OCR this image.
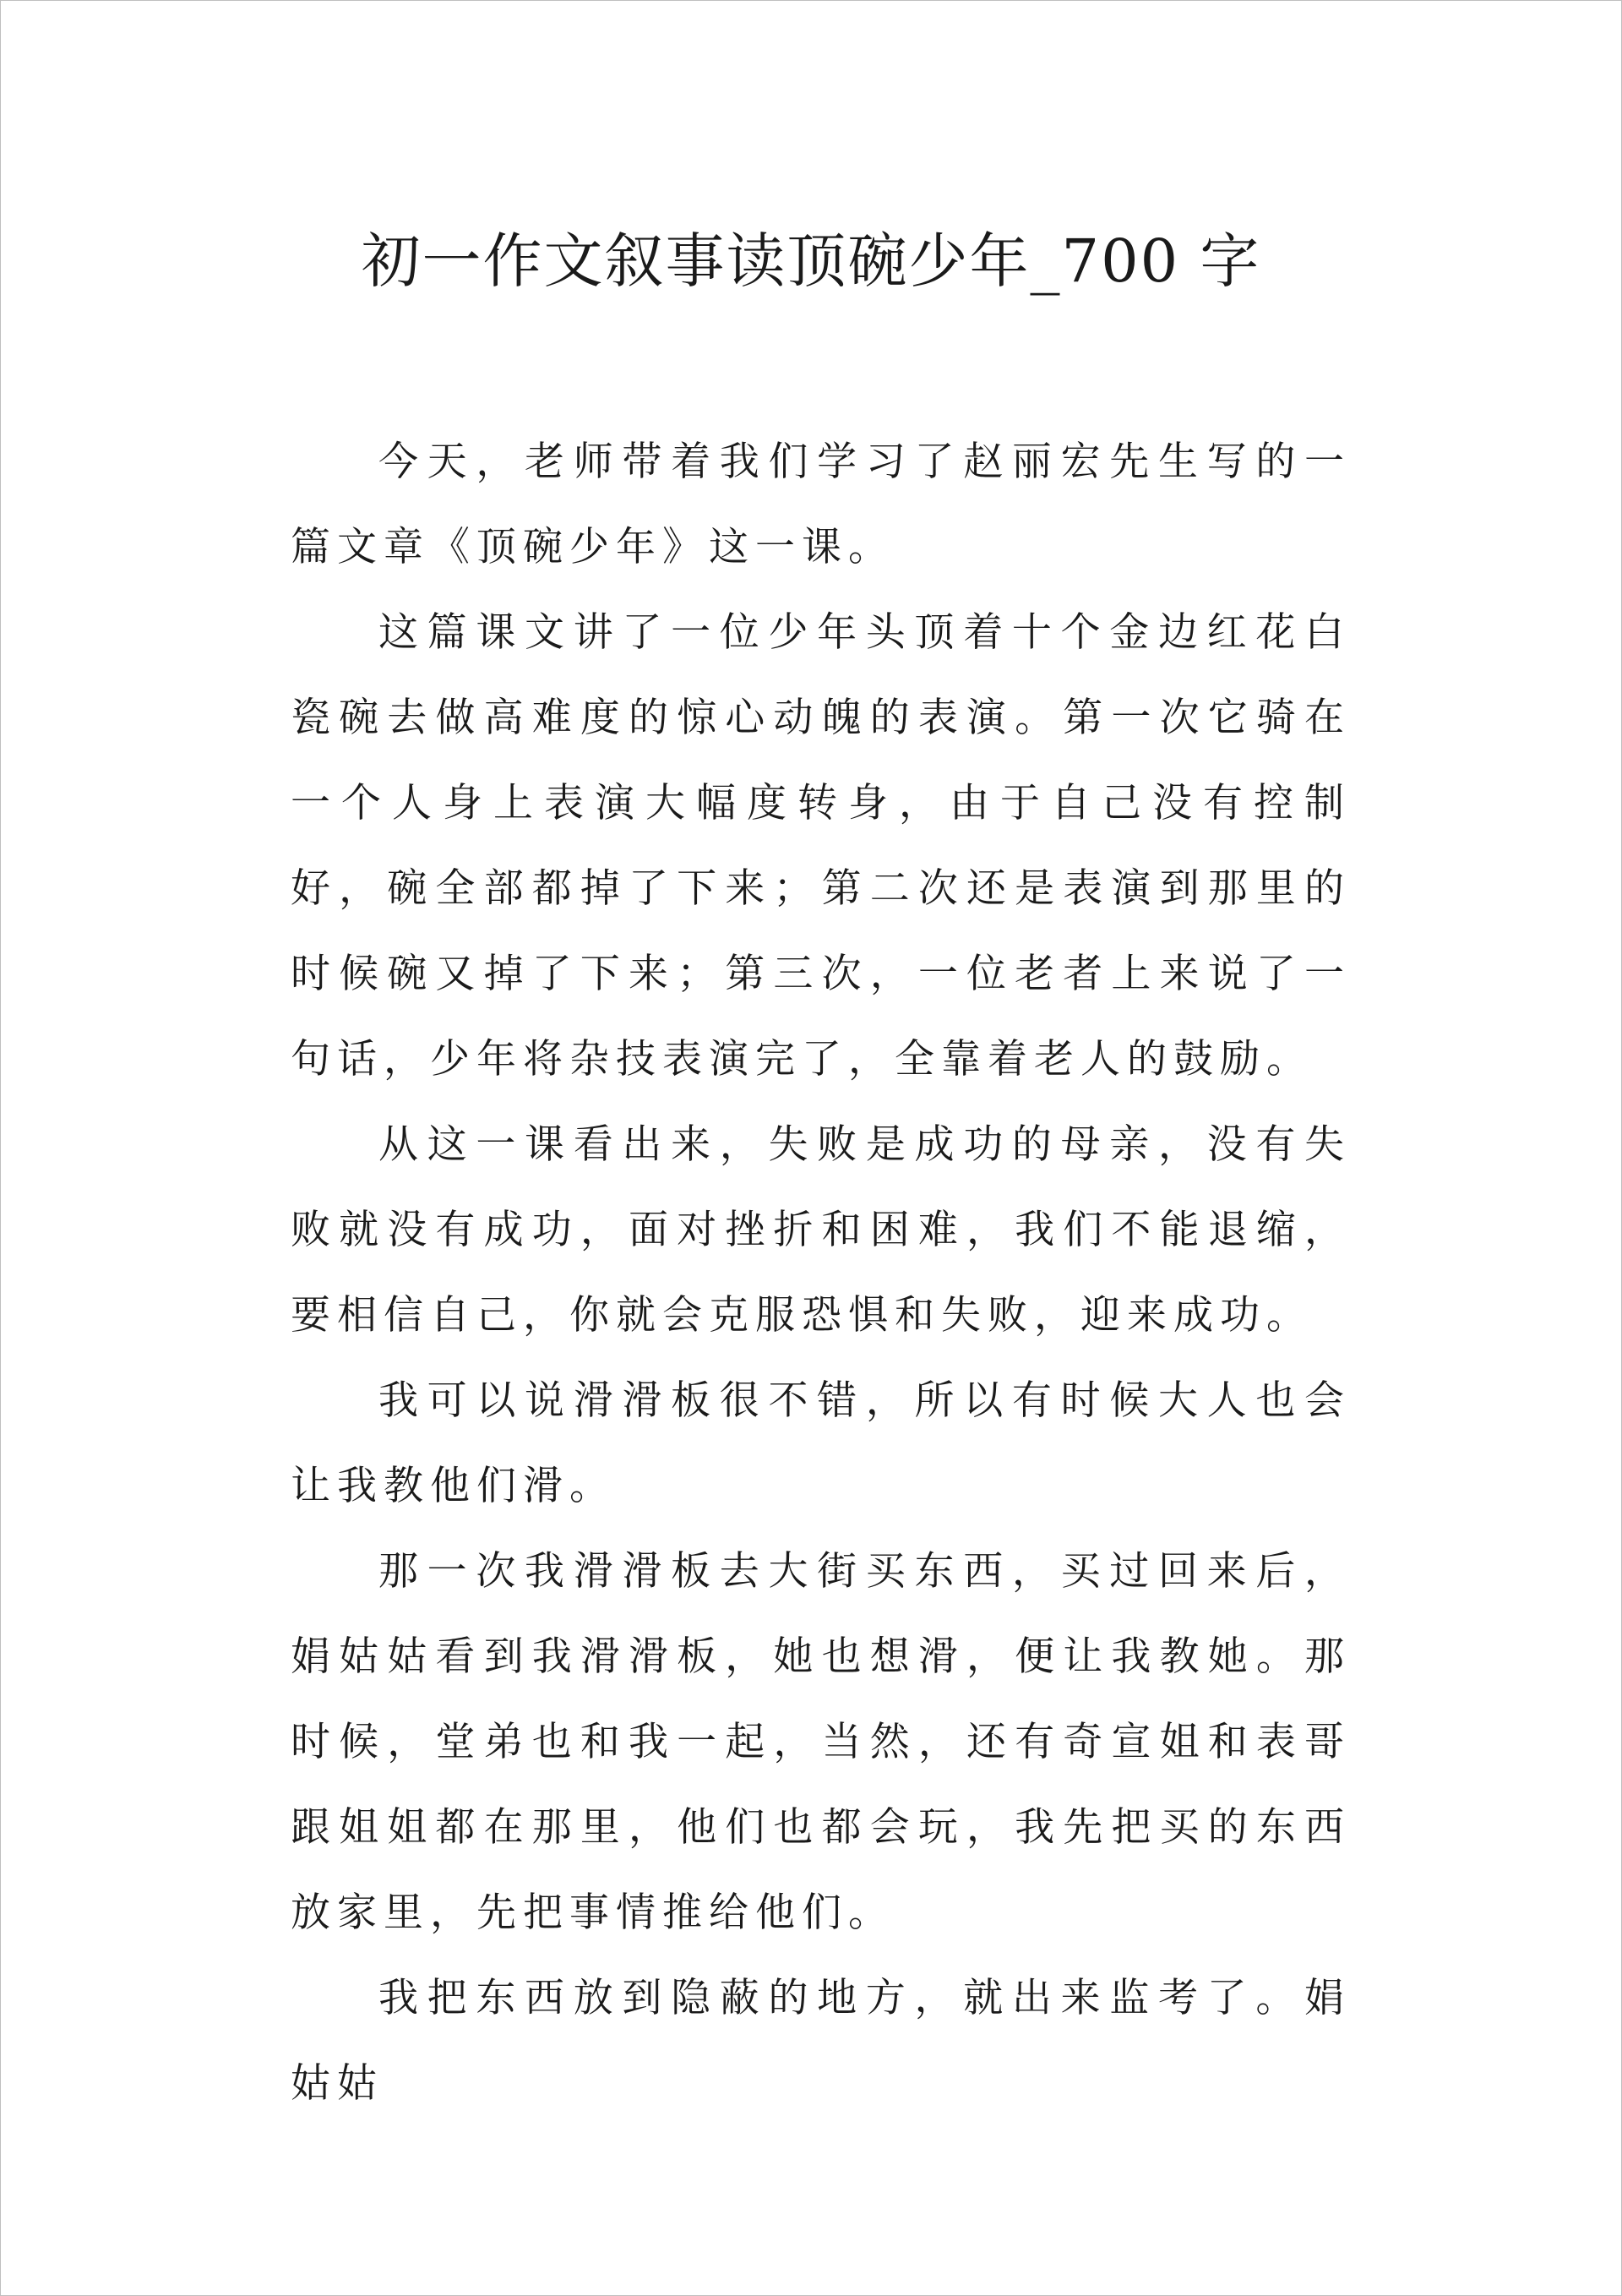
初一作文叙事读顶碗少年_700 字

今天，老师带着我们学习了赵丽宏先生写的一篇文章《顶碗少年》这一课。

这篇课文讲了一位少年头顶着十个金边红花白瓷碗去做高难度的惊心动魄的表演。第一次它骑在一个人身上表演大幅度转身，由于自己没有控制好，碗全部都掉了下来；第二次还是表演到那里的时候碗又掉了下来；第三次，一位老者上来说了一句话，少年将杂技表演完了，全靠着老人的鼓励。

从这一课看出来，失败是成功的母亲，没有失败就没有成功，面对挫折和困难，我们不能退缩，要相信自己，你就会克服恐惧和失败，迎来成功。

我可以说滑滑板很不错，所以有时候大人也会让我教他们滑。

那一次我滑滑板去大街买东西，买过回来后，娟姑姑看到我滑滑板，她也想滑，便让我教她。那时候，堂弟也和我一起，当然，还有奇宣姐和表哥跟姐姐都在那里，他们也都会玩，我先把买的东西放家里，先把事情推给他们。

我把东西放到隐蔽的地方，就出来监考了。娟姑姑
